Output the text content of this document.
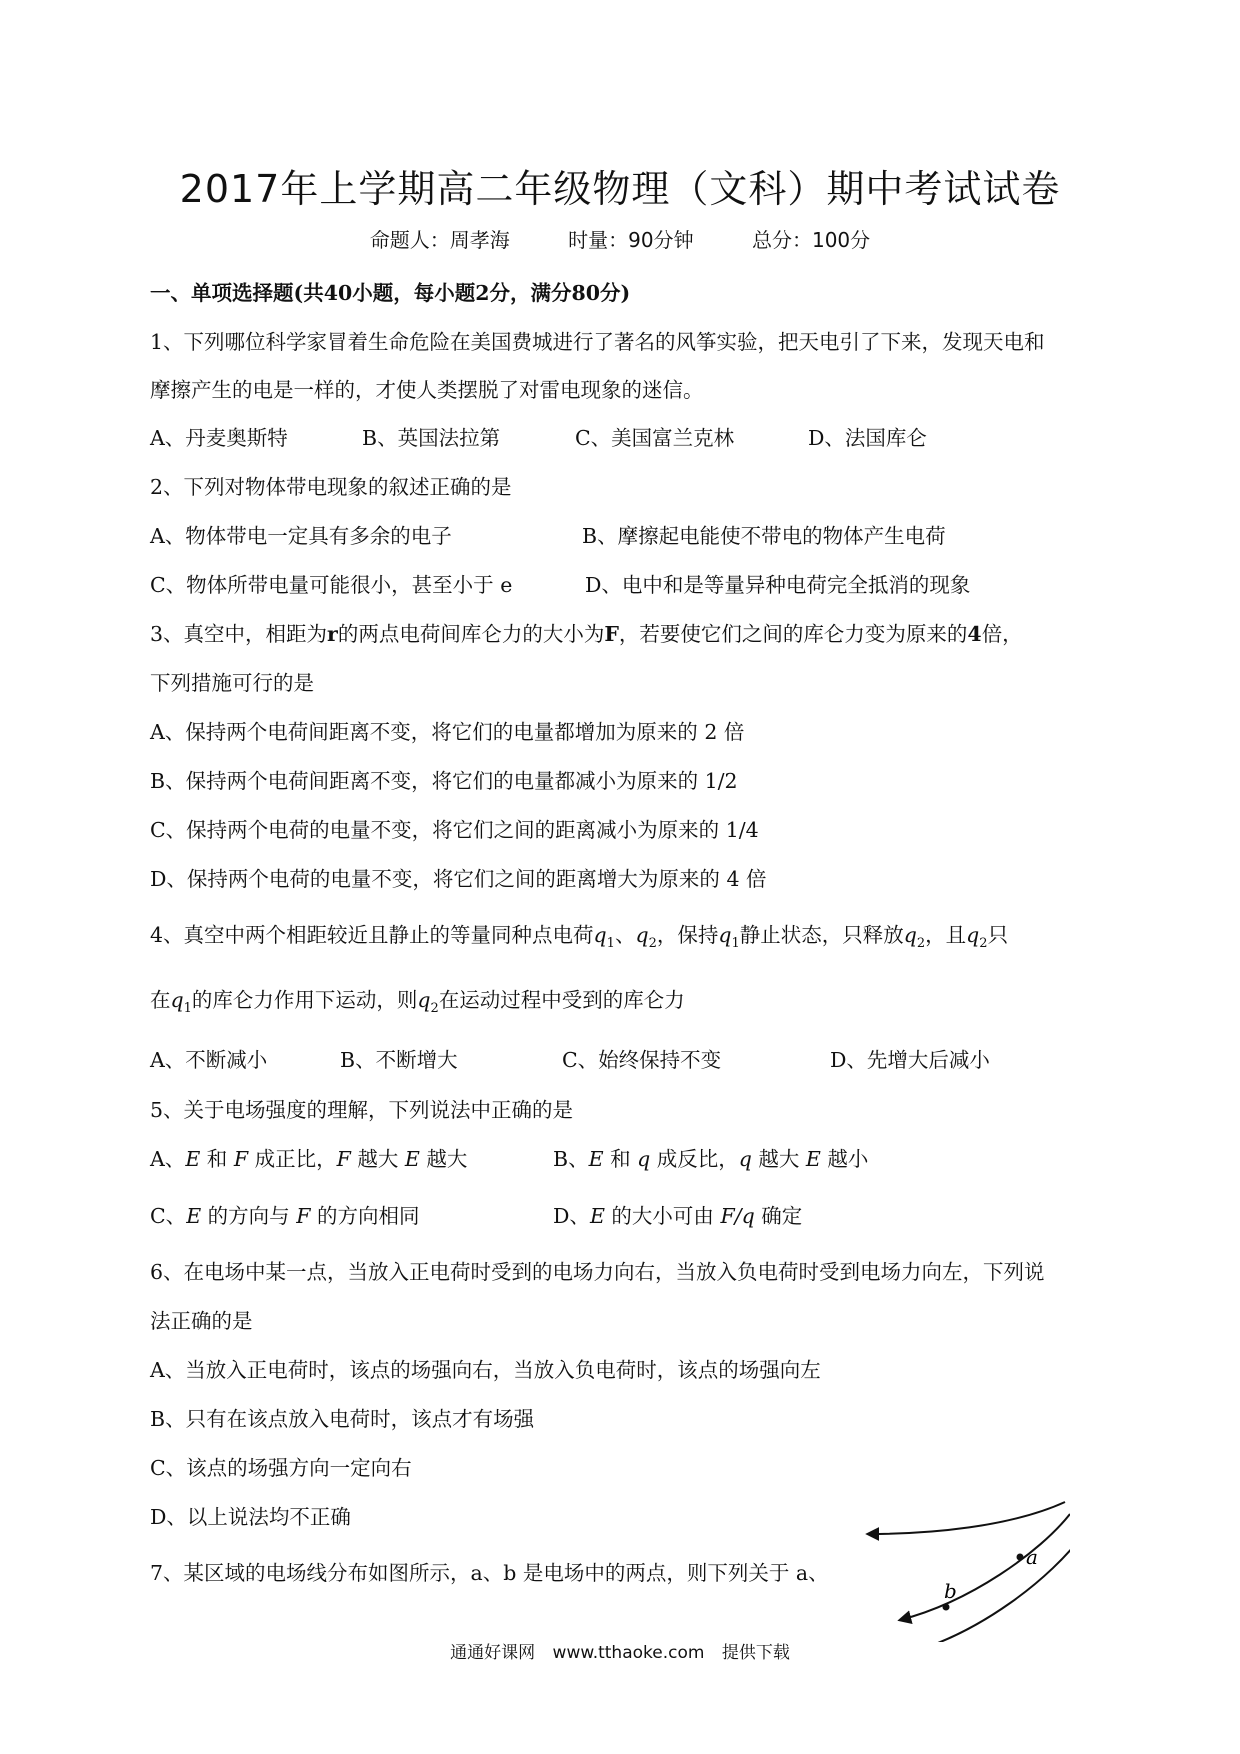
2017年上学期高二年级物理（文科）期中考试试卷
命题人：周孝海	时量：90分钟	总分：100分
一、单项选择题(共40小题，每小题2分，满分80分)
1、下列哪位科学家冒着生命危险在美国费城进行了著名的风筝实验，把天电引了下来，发现天电和
摩擦产生的电是一样的，才使人类摆脱了对雷电现象的迷信。
A、丹麦奥斯特	B、英国法拉第	C、美国富兰克林	D、法国库仑
2、下列对物体带电现象的叙述正确的是
A、物体带电一定具有多余的电子	B、摩擦起电能使不带电的物体产生电荷
C、物体所带电量可能很小，甚至小于 e	D、电中和是等量异种电荷完全抵消的现象
3、真空中，相距为r的两点电荷间库仑力的大小为F，若要使它们之间的库仑力变为原来的4倍，
下列措施可行的是
A、保持两个电荷间距离不变，将它们的电量都增加为原来的 2 倍
B、保持两个电荷间距离不变，将它们的电量都减小为原来的 1/2
C、保持两个电荷的电量不变，将它们之间的距离减小为原来的 1/4
D、保持两个电荷的电量不变，将它们之间的距离增大为原来的 4 倍
4、真空中两个相距较近且静止的等量同种点电荷$q_1$、$q_2$，保持$q_1$静止状态，只释放$q_2$，且$q_2$只
在$q_1$的库仑力作用下运动，则$q_2$在运动过程中受到的库仑力
A、不断减小	B、不断增大	C、始终保持不变	D、先增大后减小
5、关于电场强度的理解，下列说法中正确的是
A、E 和 F 成正比，F 越大 E 越大	B、E 和 q 成反比，q 越大 E 越小
C、E 的方向与 F 的方向相同	D、E 的大小可由 F/q 确定
6、在电场中某一点，当放入正电荷时受到的电场力向右，当放入负电荷时受到电场力向左，下列说
法正确的是
A、当放入正电荷时，该点的场强向右，当放入负电荷时，该点的场强向左
B、只有在该点放入电荷时，该点才有场强
C、该点的场强方向一定向右
D、以上说法均不正确
7、某区域的电场线分布如图所示，a、b 是电场中的两点，则下列关于 a、
a
b
通通好课网 www.tthaoke.com 提供下载
